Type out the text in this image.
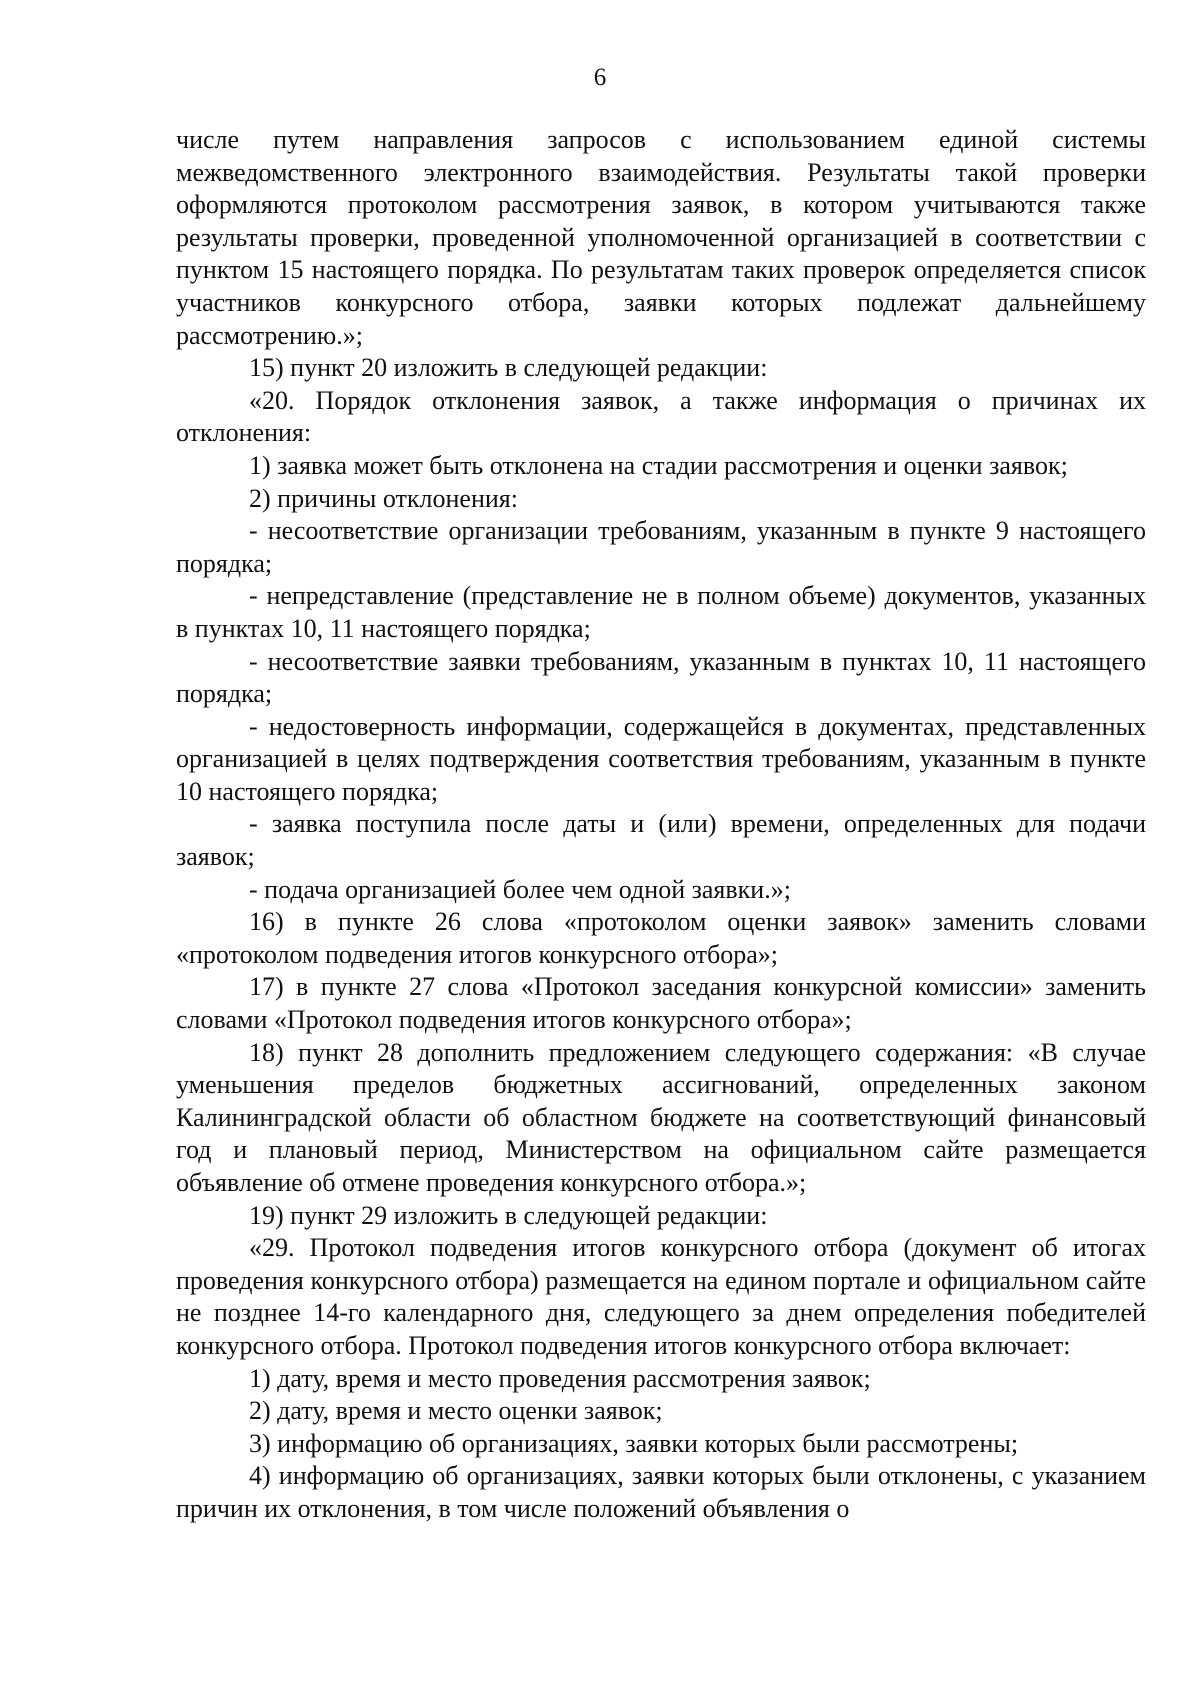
6

числе путем направления запросов с использованием единой системы межведомственного электронного взаимодействия. Результаты такой проверки оформляются протоколом рассмотрения заявок, в котором учитываются также результаты проверки, проведенной уполномоченной организацией в соответствии с пунктом 15 настоящего порядка. По результатам таких проверок определяется список участников конкурсного отбора, заявки которых подлежат дальнейшему рассмотрению.»;

15) пункт 20 изложить в следующей редакции:

«20. Порядок отклонения заявок, а также информация о причинах их отклонения:

1) заявка может быть отклонена на стадии рассмотрения и оценки заявок;

2) причины отклонения:

- несоответствие организации требованиям, указанным в пункте 9 настоящего порядка;

- непредставление (представление не в полном объеме) документов, указанных в пунктах 10, 11 настоящего порядка;

- несоответствие заявки требованиям, указанным в пунктах 10, 11 настоящего порядка;

- недостоверность информации, содержащейся в документах, представленных организацией в целях подтверждения соответствия требованиям, указанным в пункте 10 настоящего порядка;

- заявка поступила после даты и (или) времени, определенных для подачи заявок;

- подача организацией более чем одной заявки.»;

16) в пункте 26 слова «протоколом оценки заявок» заменить словами «протоколом подведения итогов конкурсного отбора»;

17) в пункте 27 слова «Протокол заседания конкурсной комиссии» заменить словами «Протокол подведения итогов конкурсного отбора»;

18) пункт 28 дополнить предложением следующего содержания: «В случае уменьшения пределов бюджетных ассигнований, определенных законом Калининградской области об областном бюджете на соответствующий финансовый год и плановый период, Министерством на официальном сайте размещается объявление об отмене проведения конкурсного отбора.»;

19) пункт 29 изложить в следующей редакции:

«29. Протокол подведения итогов конкурсного отбора (документ об итогах проведения конкурсного отбора) размещается на едином портале и официальном сайте не позднее 14-го календарного дня, следующего за днем определения победителей конкурсного отбора. Протокол подведения итогов конкурсного отбора включает:

1) дату, время и место проведения рассмотрения заявок;

2) дату, время и место оценки заявок;

3) информацию об организациях, заявки которых были рассмотрены;

4) информацию об организациях, заявки которых были отклонены, с указанием причин их отклонения, в том числе положений объявления о
